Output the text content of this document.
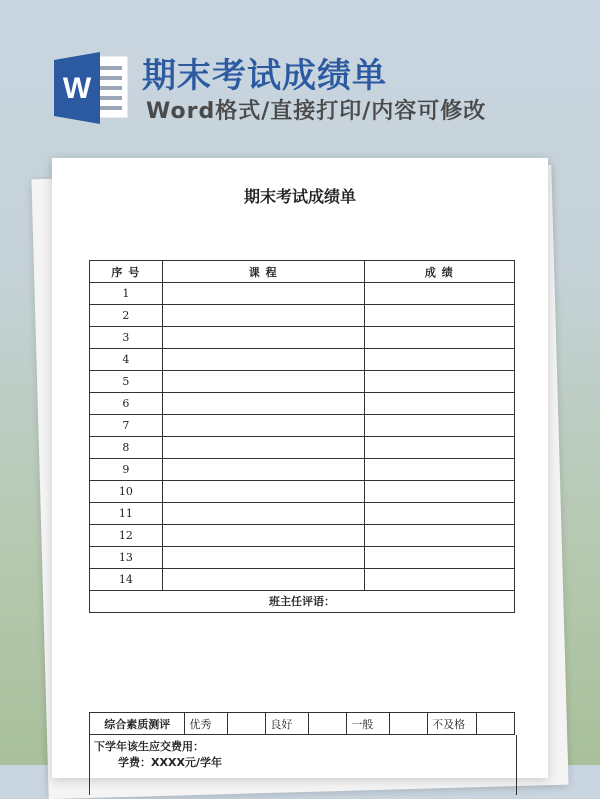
W 期末考试成绩单
Word格式/直接打印/内容可修改
期末考试成绩单
序 号	课 程	成 绩
1		
2		
3		
4		
5		
6		
7		
8		
9		
10		
11		
12		
13		
14		

班主任评语：		
综合素质测评	优秀		良好		一般		不及格	
下学年该生应交费用：
学费：XXXX元/学年
